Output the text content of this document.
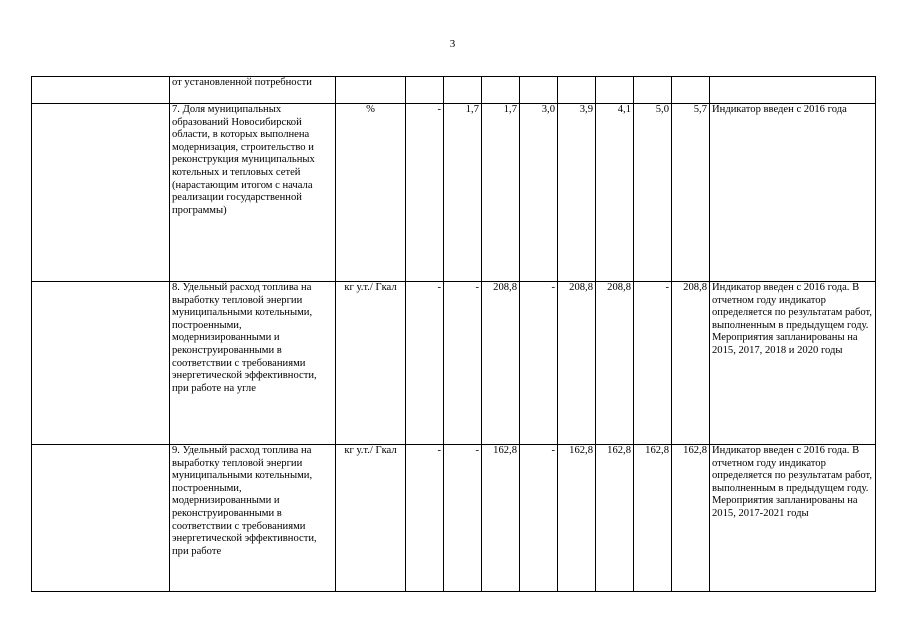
3
	от установленной потребности										
	7. Доля муниципальных образований Новосибирской области, в которых выполнена модернизация, строительство и реконструкция муниципальных котельных и тепловых сетей (нарастающим итогом с начала реализации государственной программы)	%	-	1,7	1,7	3,0	3,9	4,1	5,0	5,7	Индикатор введен с 2016 года
	8. Удельный расход топлива на выработку тепловой энергии муниципальными котельными, построенными, модернизированными и реконструированными в соответствии с требованиями энергетической эффективности, при работе на угле	кг у.т./ Гкал	-	-	208,8	-	208,8	208,8	-	208,8	Индикатор введен с 2016 года. В отчетном году индикатор определяется по результатам работ, выполненным в предыдущем году. Мероприятия запланированы на 2015, 2017, 2018 и 2020 годы
	9. Удельный расход топлива на выработку тепловой энергии муниципальными котельными, построенными, модернизированными и реконструированными в соответствии с требованиями энергетической эффективности, при работе	кг у.т./ Гкал	-	-	162,8	-	162,8	162,8	162,8	162,8	Индикатор введен с 2016 года. В отчетном году индикатор определяется по результатам работ, выполненным в предыдущем году. Мероприятия запланированы на 2015, 2017-2021 годы
